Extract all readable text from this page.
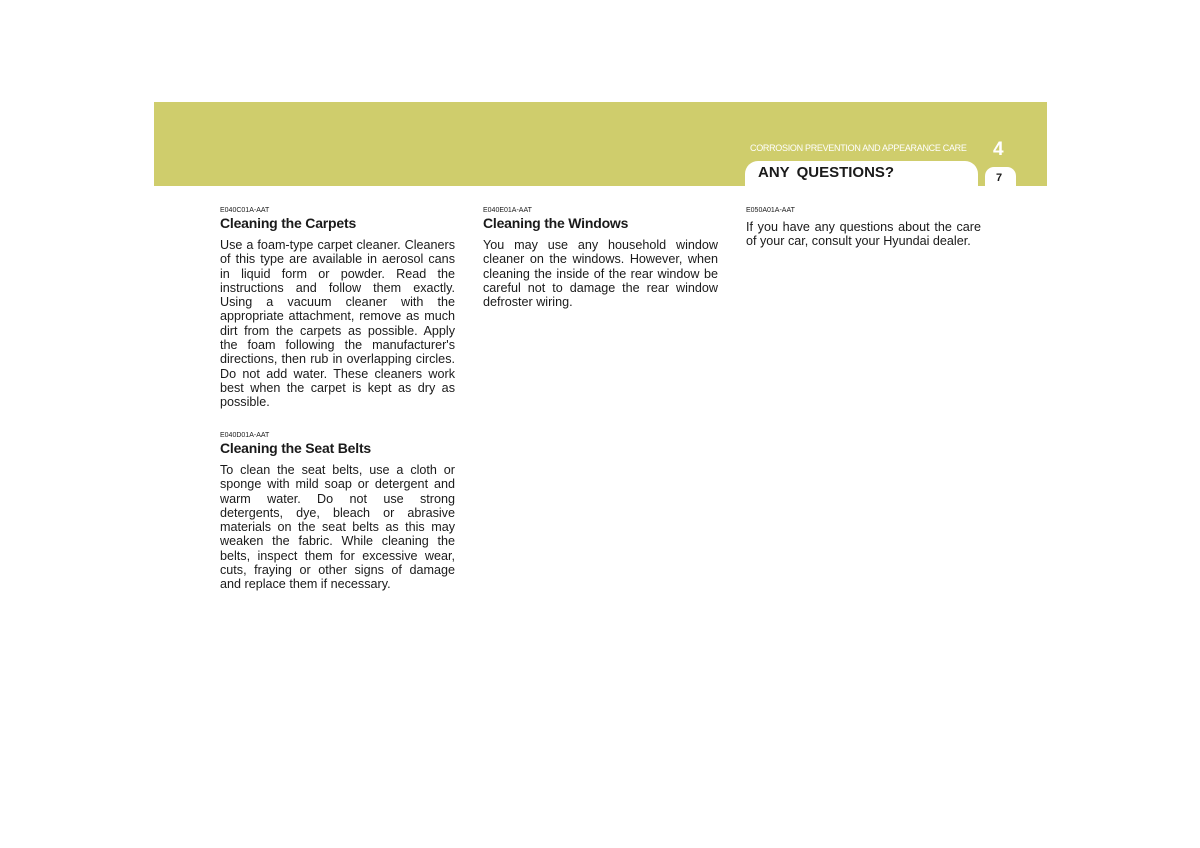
CORROSION PREVENTION AND APPEARANCE CARE 4
ANY QUESTIONS?	7

E040C01A-AAT

Cleaning the Carpets

Use a foam-type carpet cleaner. Cleaners of this type are available in aerosol cans in liquid form or powder. Read the instructions and follow them exactly. Using a vacuum cleaner with the appropriate attachment, remove as much dirt from the carpets as possible. Apply the foam following the manufacturer's directions, then rub in overlapping circles. Do not add water. These cleaners work best when the carpet is kept as dry as possible.

E040D01A-AAT

Cleaning the Seat Belts

To clean the seat belts, use a cloth or sponge with mild soap or detergent and warm water. Do not use strong detergents, dye, bleach or abrasive materials on the seat belts as this may weaken the fabric. While cleaning the belts, inspect them for excessive wear, cuts, fraying or other signs of damage and replace them if necessary.

E040E01A-AAT

Cleaning the Windows

You may use any household window cleaner on the windows. However, when cleaning the inside of the rear window be careful not to damage the rear window defroster wiring.

E050A01A-AAT

If you have any questions about the care of your car, consult your Hyundai dealer.
